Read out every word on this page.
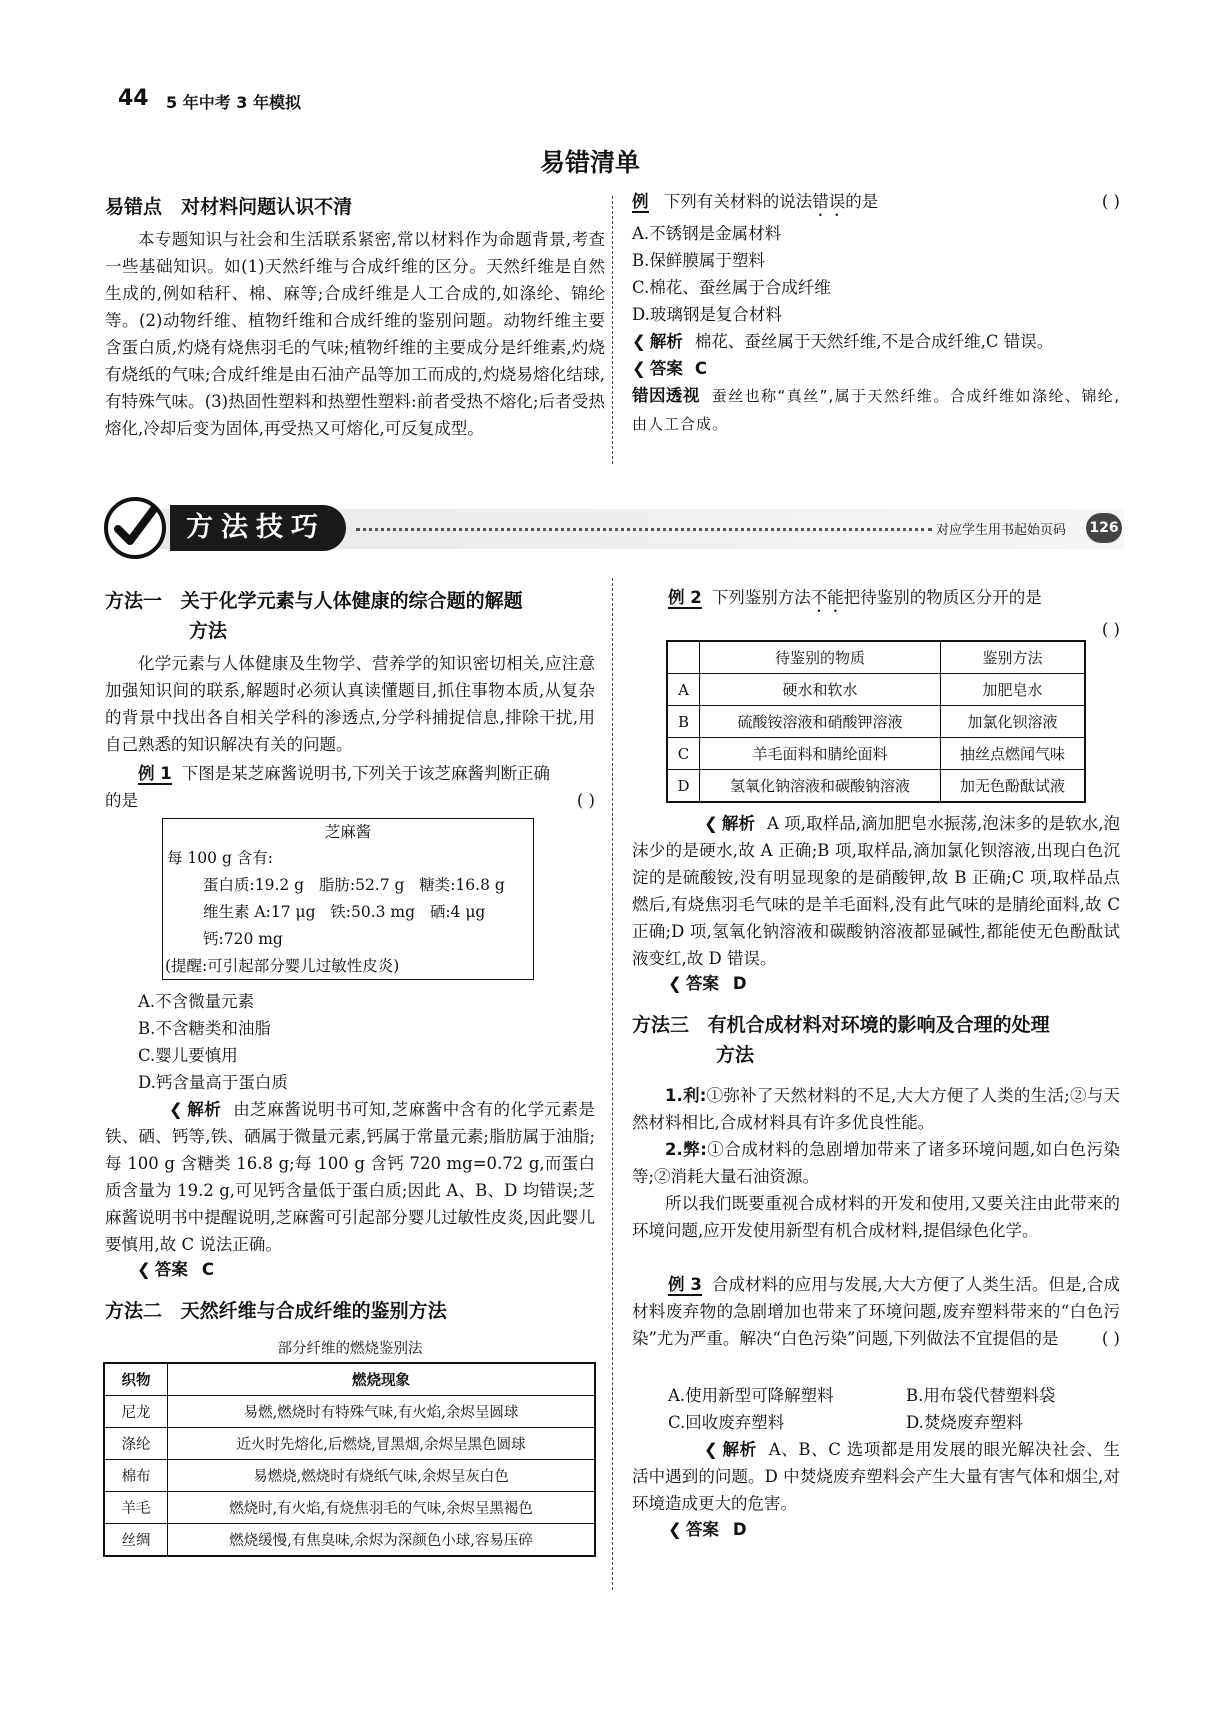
44 5 年中考 3 年模拟
易错清单
易错点 对材料问题认识不清

本专题知识与社会和生活联系紧密,常以材料作为命题背景,考查一些基础知识。如(1)天然纤维与合成纤维的区分。天然纤维是自然生成的,例如秸秆、棉、麻等;合成纤维是人工合成的,如涤纶、锦纶等。(2)动物纤维、植物纤维和合成纤维的鉴别问题。动物纤维主要含蛋白质,灼烧有烧焦羽毛的气味;植物纤维的主要成分是纤维素,灼烧有烧纸的气味;合成纤维是由石油产品等加工而成的,灼烧易熔化结球,有特殊气味。(3)热固性塑料和热塑性塑料:前者受热不熔化;后者受热熔化,冷却后变为固体,再受热又可熔化,可反复成型。

例 下列有关材料的说法错误的是	( )
A.不锈钢是金属材料
B.保鲜膜属于塑料
C.棉花、蚕丝属于合成纤维
D.玻璃钢是复合材料
❮ 解析 棉花、蚕丝属于天然纤维,不是合成纤维,C 错误。
❮ 答案 C

错因透视 蚕丝也称“真丝”,属于天然纤维。合成纤维如涤纶、锦纶,由人工合成。

方法技巧	对应学生用书起始页码 126
方法一 关于化学元素与人体健康的综合题的解题
方法

化学元素与人体健康及生物学、营养学的知识密切相关,应注意加强知识间的联系,解题时必须认真读懂题目,抓住事物本质,从复杂的背景中找出各自相关学科的渗透点,分学科捕捉信息,排除干扰,用自己熟悉的知识解决有关的问题。

例 1 下图是某芝麻酱说明书,下列关于该芝麻酱判断正确
的是	( )
芝麻酱
每 100 g 含有:
蛋白质:19.2 g   脂肪:52.7 g   糖类:16.8 g
维生素 A:17 μg   铁:50.3 mg   硒:4 μg
钙:720 mg
(提醒:可引起部分婴儿过敏性皮炎)
A.不含微量元素
B.不含糖类和油脂
C.婴儿要慎用
D.钙含量高于蛋白质

❮ 解析 由芝麻酱说明书可知,芝麻酱中含有的化学元素是铁、硒、钙等,铁、硒属于微量元素,钙属于常量元素;脂肪属于油脂;每 100 g 含糖类 16.8 g;每 100 g 含钙 720 mg=0.72 g,而蛋白质含量为 19.2 g,可见钙含量低于蛋白质;因此 A、B、D 均错误;芝麻酱说明书中提醒说明,芝麻酱可引起部分婴儿过敏性皮炎,因此婴儿要慎用,故 C 说法正确。

❮ 答案 C
方法二 天然纤维与合成纤维的鉴别方法
部分纤维的燃烧鉴别法
织物	燃烧现象
尼龙	易燃,燃烧时有特殊气味,有火焰,余烬呈圆球
涤纶	近火时先熔化,后燃烧,冒黑烟,余烬呈黑色圆球
棉布	易燃烧,燃烧时有烧纸气味,余烬呈灰白色
羊毛	燃烧时,有火焰,有烧焦羽毛的气味,余烬呈黑褐色
丝绸	燃烧缓慢,有焦臭味,余烬为深颜色小球,容易压碎
例 2 下列鉴别方法不能把待鉴别的物质区分开的是
( )
	待鉴别的物质	鉴别方法
A	硬水和软水	加肥皂水
B	硫酸铵溶液和硝酸钾溶液	加氯化钡溶液
C	羊毛面料和腈纶面料	抽丝点燃闻气味
D	氢氧化钠溶液和碳酸钠溶液	加无色酚酞试液

❮ 解析 A 项,取样品,滴加肥皂水振荡,泡沫多的是软水,泡沫少的是硬水,故 A 正确;B 项,取样品,滴加氯化钡溶液,出现白色沉淀的是硫酸铵,没有明显现象的是硝酸钾,故 B 正确;C 项,取样品点燃后,有烧焦羽毛气味的是羊毛面料,没有此气味的是腈纶面料,故 C 正确;D 项,氢氧化钠溶液和碳酸钠溶液都显碱性,都能使无色酚酞试液变红,故 D 错误。

❮ 答案 D
方法三 有机合成材料对环境的影响及合理的处理
方法

1.利:①弥补了天然材料的不足,大大方便了人类的生活;②与天然材料相比,合成材料具有许多优良性能。

2.弊:①合成材料的急剧增加带来了诸多环境问题,如白色污染等;②消耗大量石油资源。

所以我们既要重视合成材料的开发和使用,又要关注由此带来的环境问题,应开发使用新型有机合成材料,提倡绿色化学。

例 3 合成材料的应用与发展,大大方便了人类生活。但是,合成材料废弃物的急剧增加也带来了环境问题,废弃塑料带来的“白色污染”尤为严重。解决“白色污染”问题,下列做法不宜提倡的是	( )

A.使用新型可降解塑料	B.用布袋代替塑料袋
C.回收废弃塑料	D.焚烧废弃塑料

❮ 解析 A、B、C 选项都是用发展的眼光解决社会、生活中遇到的问题。D 中焚烧废弃塑料会产生大量有害气体和烟尘,对环境造成更大的危害。

❮ 答案 D
